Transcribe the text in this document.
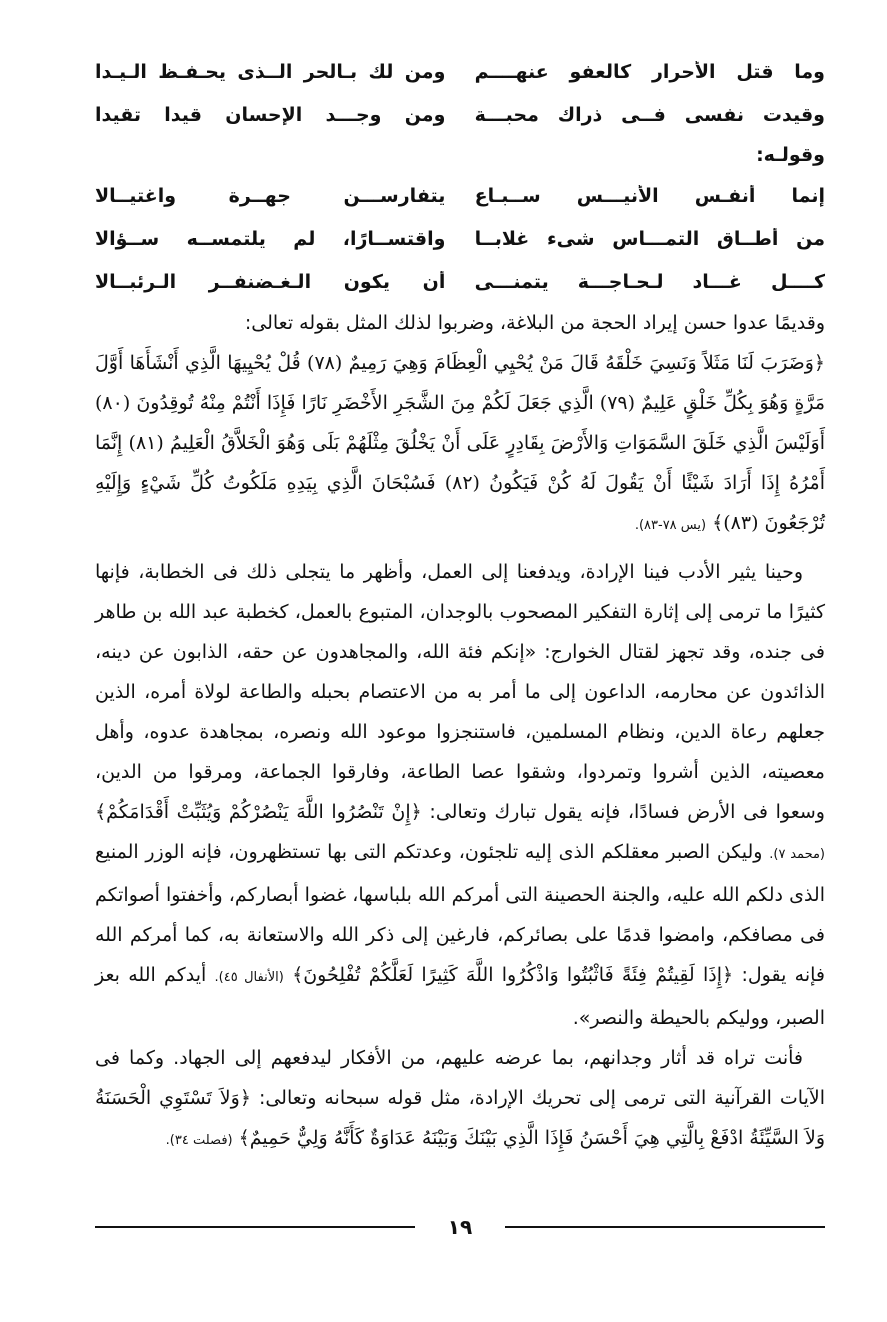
وما قتل الأحرار كالعفو عنهــــم
ومن لك بـالحر الــذى يحـفـظ الـيـدا
وقيدت نفسى فــى ذراك محبـــة
ومن وجـــد الإحسان قيدا تقيدا
وقولـه:
إنما أنفـس الأنيـــس ســبـاع
يتفارســـن جهــرة واغتيــالا
من أطــاق التمـــاس شىء غلابــا
واقتســارًا، لم يلتمســه ســؤالا
كــــل غـــاد لـحـاجـــة يتمنـــى
أن يكون الـغـضنفــر الـرئبــالا

وقديمًا عدوا حسن إيراد الحجة من البلاغة، وضربوا لذلك المثل بقوله تعالى:

﴿وَضَرَبَ لَنَا مَثَلاً وَنَسِيَ خَلْقَهُ قَالَ مَنْ يُحْيِي الْعِظَامَ وَهِيَ رَمِيمٌ (٧٨) قُلْ يُحْيِيهَا الَّذِي أَنْشَأَهَا أَوَّلَ مَرَّةٍ وَهُوَ بِكُلِّ خَلْقٍ عَلِيمٌ (٧٩) الَّذِي جَعَلَ لَكُمْ مِنَ الشَّجَرِ الأَخْضَرِ نَارًا فَإِذَا أَنْتُمْ مِنْهُ تُوقِدُونَ (٨٠) أَوَلَيْسَ الَّذِي خَلَقَ السَّمَوَاتِ وَالأَرْضَ بِقَادِرٍ عَلَى أَنْ يَخْلُقَ مِثْلَهُمْ بَلَى وَهُوَ الْخَلاَّقُ الْعَلِيمُ (٨١) إِنَّمَا أَمْرُهُ إِذَا أَرَادَ شَيْئًا أَنْ يَقُولَ لَهُ كُنْ فَيَكُونُ (٨٢) فَسُبْحَانَ الَّذِي بِيَدِهِ مَلَكُوتُ كُلِّ شَيْءٍ وَإِلَيْهِ تُرْجَعُونَ (٨٣)﴾ (يس ٧٨-٨٣).

وحينا يثير الأدب فينا الإرادة، ويدفعنا إلى العمل، وأظهر ما يتجلى ذلك فى الخطابة، فإنها كثيرًا ما ترمى إلى إثارة التفكير المصحوب بالوجدان، المتبوع بالعمل، كخطبة عبد الله بن طاهر فى جنده، وقد تجهز لقتال الخوارج: «إنكم فئة الله، والمجاهدون عن حقه، الذابون عن دينه، الذائدون عن محارمه، الداعون إلى ما أمر به من الاعتصام بحبله والطاعة لولاة أمره، الذين جعلهم رعاة الدين، ونظام المسلمين، فاستنجزوا موعود الله ونصره، بمجاهدة عدوه، وأهل معصيته، الذين أشروا وتمردوا، وشقوا عصا الطاعة، وفارقوا الجماعة، ومرقوا من الدين، وسعوا فى الأرض فسادًا، فإنه يقول تبارك وتعالى: ﴿إِنْ تَنْصُرُوا اللَّهَ يَنْصُرْكُمْ وَيُثَبِّتْ أَقْدَامَكُمْ﴾ (محمد ٧). وليكن الصبر معقلكم الذى إليه تلجئون، وعدتكم التى بها تستظهرون، فإنه الوزر المنيع الذى دلكم الله عليه، والجنة الحصينة التى أمركم الله بلباسها، غضوا أبصاركم، وأخفتوا أصواتكم فى مصافكم، وامضوا قدمًا على بصائركم، فارغين إلى ذكر الله والاستعانة به، كما أمركم الله فإنه يقول: ﴿إِذَا لَقِيتُمْ فِئَةً فَاثْبُتُوا وَاذْكُرُوا اللَّهَ كَثِيرًا لَعَلَّكُمْ تُفْلِحُونَ﴾ (الأنفال ٤٥). أيدكم الله بعز الصبر، ووليكم بالحيطة والنصر».

فأنت تراه قد أثار وجدانهم، بما عرضه عليهم، من الأفكار ليدفعهم إلى الجهاد. وكما فى الآيات القرآنية التى ترمى إلى تحريك الإرادة، مثل قوله سبحانه وتعالى: ﴿وَلاَ تَسْتَوِي الْحَسَنَةُ وَلاَ السَّيِّئَةُ ادْفَعْ بِالَّتِي هِيَ أَحْسَنُ فَإِذَا الَّذِي بَيْنَكَ وَبَيْنَهُ عَدَاوَةٌ كَأَنَّهُ وَلِيٌّ حَمِيمٌ﴾ (فصلت ٣٤).

١٩
